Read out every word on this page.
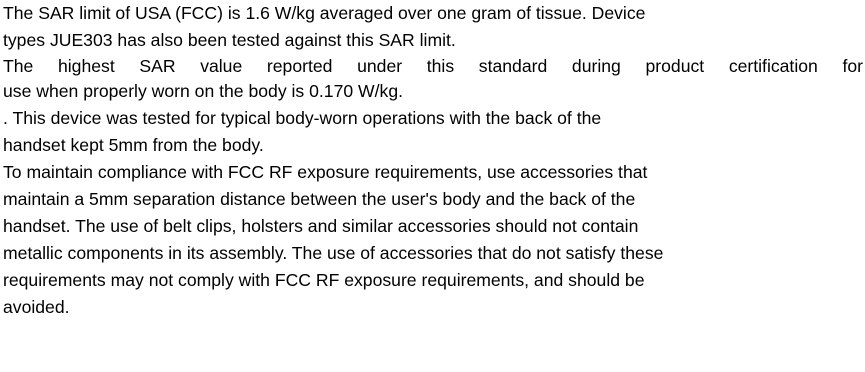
The SAR limit of USA (FCC) is 1.6 W/kg averaged over one gram of tissue. Device
types JUE303 has also been tested against this SAR limit.
The highest SAR value reported under this standard during product certification for
use when properly worn on the body is 0.170 W/kg.
. This device was tested for typical body-worn operations with the back of the
handset kept 5mm from the body.
To maintain compliance with FCC RF exposure requirements, use accessories that
maintain a 5mm separation distance between the user's body and the back of the
handset. The use of belt clips, holsters and similar accessories should not contain
metallic components in its assembly. The use of accessories that do not satisfy these
requirements may not comply with FCC RF exposure requirements, and should be
avoided.
